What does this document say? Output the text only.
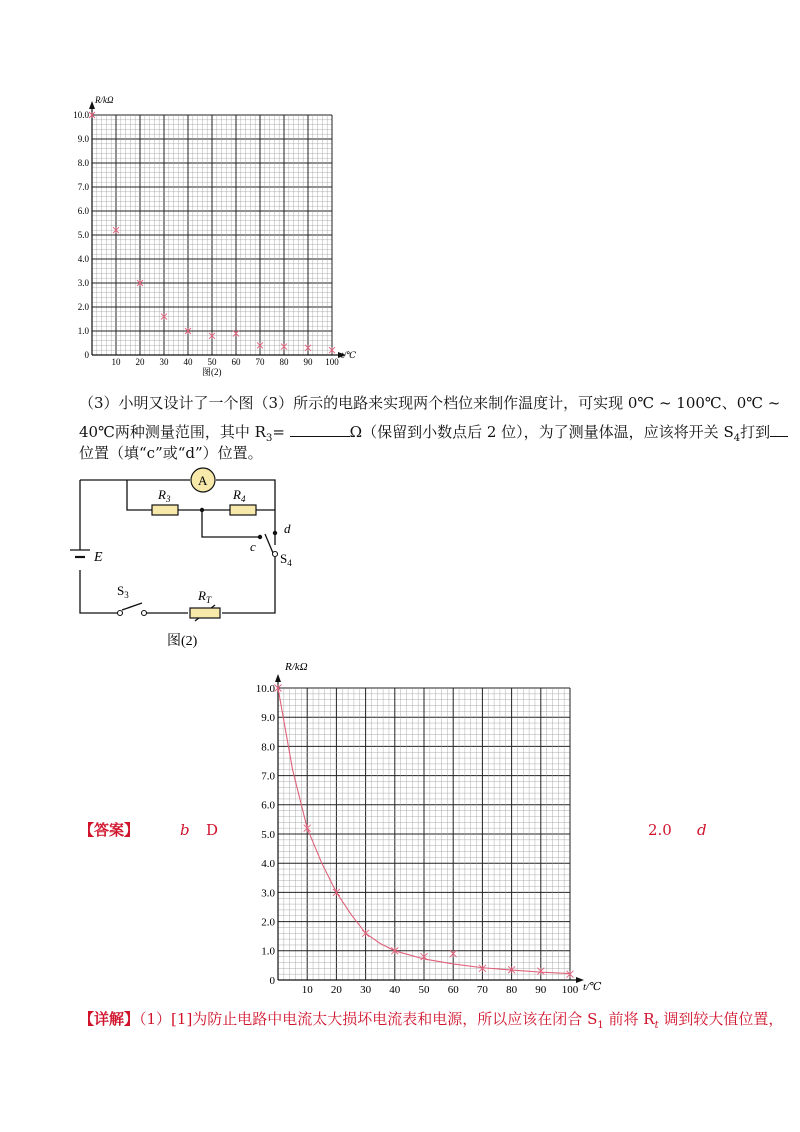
0
1.0
2.0
3.0
4.0
5.0
6.0
7.0
8.0
9.0
10.0
10 20 30 40 50 60 70 80 90 100
R/kΩ
t/℃
图(2)
（3）小明又设计了一个图（3）所示的电路来实现两个档位来制作温度计，可实现 0℃ ~ 100℃、0℃ ~
40℃两种测量范围，其中 $R_3=$	Ω（保留到小数点后 2 位），为了测量体温，应该将开关 $S_4$打到
位置（填“c”或“d”）位置。
A
$R_3$	$R_4$
E
$S_3$	$R_T$
$S_4$
c
d
图(2)
【答案】	b D	2.0 d
0
1.0
2.0
3.0
4.0
5.0
6.0
7.0
8.0
9.0
10.0
10 20 30 40 50 60 70 80 90 100
R/kΩ
t/℃
【详解】（1）[1]为防止电路中电流太大损坏电流表和电源，所以应该在闭合 $S_1$ 前将 $R_t$ 调到较大值位置，
